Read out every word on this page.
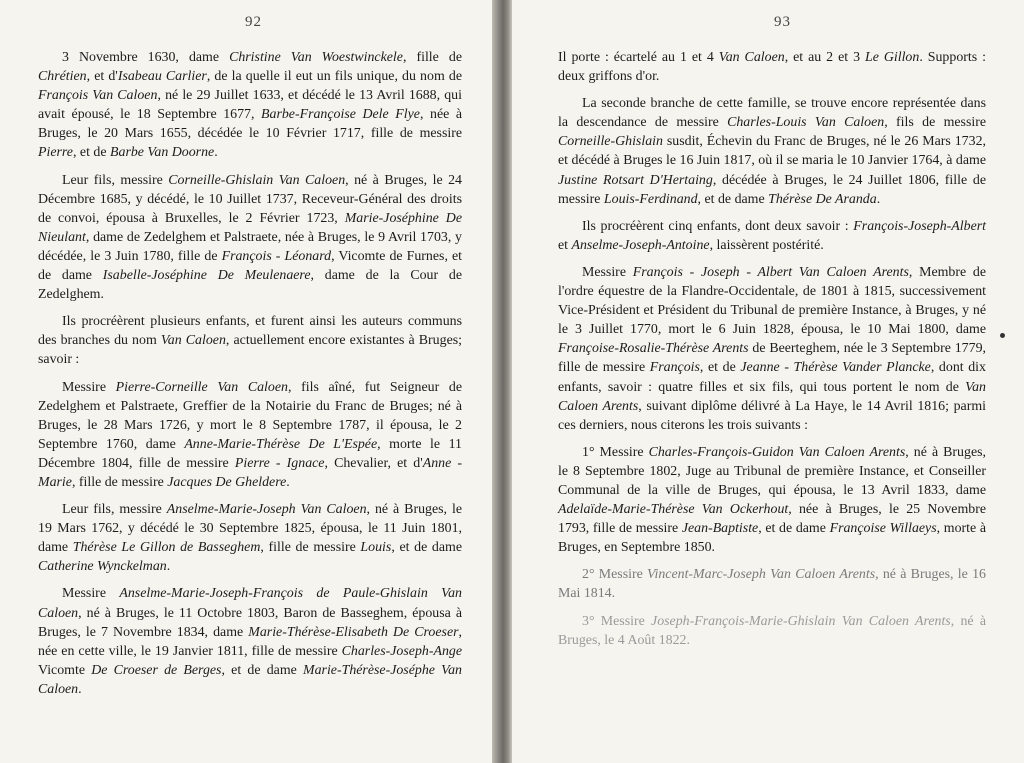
92

3 Novembre 1630, dame Christine Van Woestwinckele, fille de Chrétien, et d'Isabeau Carlier, de la quelle il eut un fils unique, du nom de François Van Caloen, né le 29 Juillet 1633, et décédé le 13 Avril 1688, qui avait épousé, le 18 Septembre 1677, Barbe-Françoise Dele Flye, née à Bruges, le 20 Mars 1655, décédée le 10 Février 1717, fille de messire Pierre, et de Barbe Van Doorne.

Leur fils, messire Corneille-Ghislain Van Caloen, né à Bruges, le 24 Décembre 1685, y décédé, le 10 Juillet 1737, Receveur-Général des droits de convoi, épousa à Bruxelles, le 2 Février 1723, Marie-Joséphine De Nieulant, dame de Zedelghem et Palstraete, née à Bruges, le 9 Avril 1703, y décédée, le 3 Juin 1780, fille de François - Léonard, Vicomte de Furnes, et de dame Isabelle-Joséphine De Meulenaere, dame de la Cour de Zedelghem.

Ils procréèrent plusieurs enfants, et furent ainsi les auteurs communs des branches du nom Van Caloen, actuellement encore existantes à Bruges; savoir :

Messire Pierre-Corneille Van Caloen, fils aîné, fut Seigneur de Zedelghem et Palstraete, Greffier de la Notairie du Franc de Bruges; né à Bruges, le 28 Mars 1726, y mort le 8 Septembre 1787, il épousa, le 2 Septembre 1760, dame Anne-Marie-Thérèse De L'Espée, morte le 11 Décembre 1804, fille de messire Pierre - Ignace, Chevalier, et d'Anne - Marie, fille de messire Jacques De Gheldere.

Leur fils, messire Anselme-Marie-Joseph Van Caloen, né à Bruges, le 19 Mars 1762, y décédé le 30 Septembre 1825, épousa, le 11 Juin 1801, dame Thérèse Le Gillon de Basseghem, fille de messire Louis, et de dame Catherine Wynckelman.

Messire Anselme-Marie-Joseph-François de Paule-Ghislain Van Caloen, né à Bruges, le 11 Octobre 1803, Baron de Basseghem, épousa à Bruges, le 7 Novembre 1834, dame Marie-Thérèse-Elisabeth De Croeser, née en cette ville, le 19 Janvier 1811, fille de messire Charles-Joseph-Ange Vicomte De Croeser de Berges, et de dame Marie-Thérèse-Joséphe Van Caloen.

93

Il porte : écartelé au 1 et 4 Van Caloen, et au 2 et 3 Le Gillon. Supports : deux griffons d'or.

La seconde branche de cette famille, se trouve encore représentée dans la descendance de messire Charles-Louis Van Caloen, fils de messire Corneille-Ghislain susdit, Échevin du Franc de Bruges, né le 26 Mars 1732, et décédé à Bruges le 16 Juin 1817, où il se maria le 10 Janvier 1764, à dame Justine Rotsart D'Hertaing, décédée à Bruges, le 24 Juillet 1806, fille de messire Louis-Ferdinand, et de dame Thérèse De Aranda.

Ils procréèrent cinq enfants, dont deux savoir : François-Joseph-Albert et Anselme-Joseph-Antoine, laissèrent postérité.

Messire François - Joseph - Albert Van Caloen Arents, Membre de l'ordre équestre de la Flandre-Occidentale, de 1801 à 1815, successivement Vice-Président et Président du Tribunal de première Instance, à Bruges, y né le 3 Juillet 1770, mort le 6 Juin 1828, épousa, le 10 Mai 1800, dame Françoise-Rosalie-Thérèse Arents de Beerteghem, née le 3 Septembre 1779, fille de messire François, et de Jeanne - Thérèse Vander Plancke, dont dix enfants, savoir : quatre filles et six fils, qui tous portent le nom de Van Caloen Arents, suivant diplôme délivré à La Haye, le 14 Avril 1816; parmi ces derniers, nous citerons les trois suivants :

1° Messire Charles-François-Guidon Van Caloen Arents, né à Bruges, le 8 Septembre 1802, Juge au Tribunal de première Instance, et Conseiller Communal de la ville de Bruges, qui épousa, le 13 Avril 1833, dame Adelaïde-Marie-Thérèse Van Ockerhout, née à Bruges, le 25 Novembre 1793, fille de messire Jean-Baptiste, et de dame Françoise Willaeys, morte à Bruges, en Septembre 1850.

2° Messire Vincent-Marc-Joseph Van Caloen Arents, né à Bruges, le 16 Mai 1814.

3° Messire Joseph-François-Marie-Ghislain Van Caloen Arents, né à Bruges, le 4 Août 1822.
